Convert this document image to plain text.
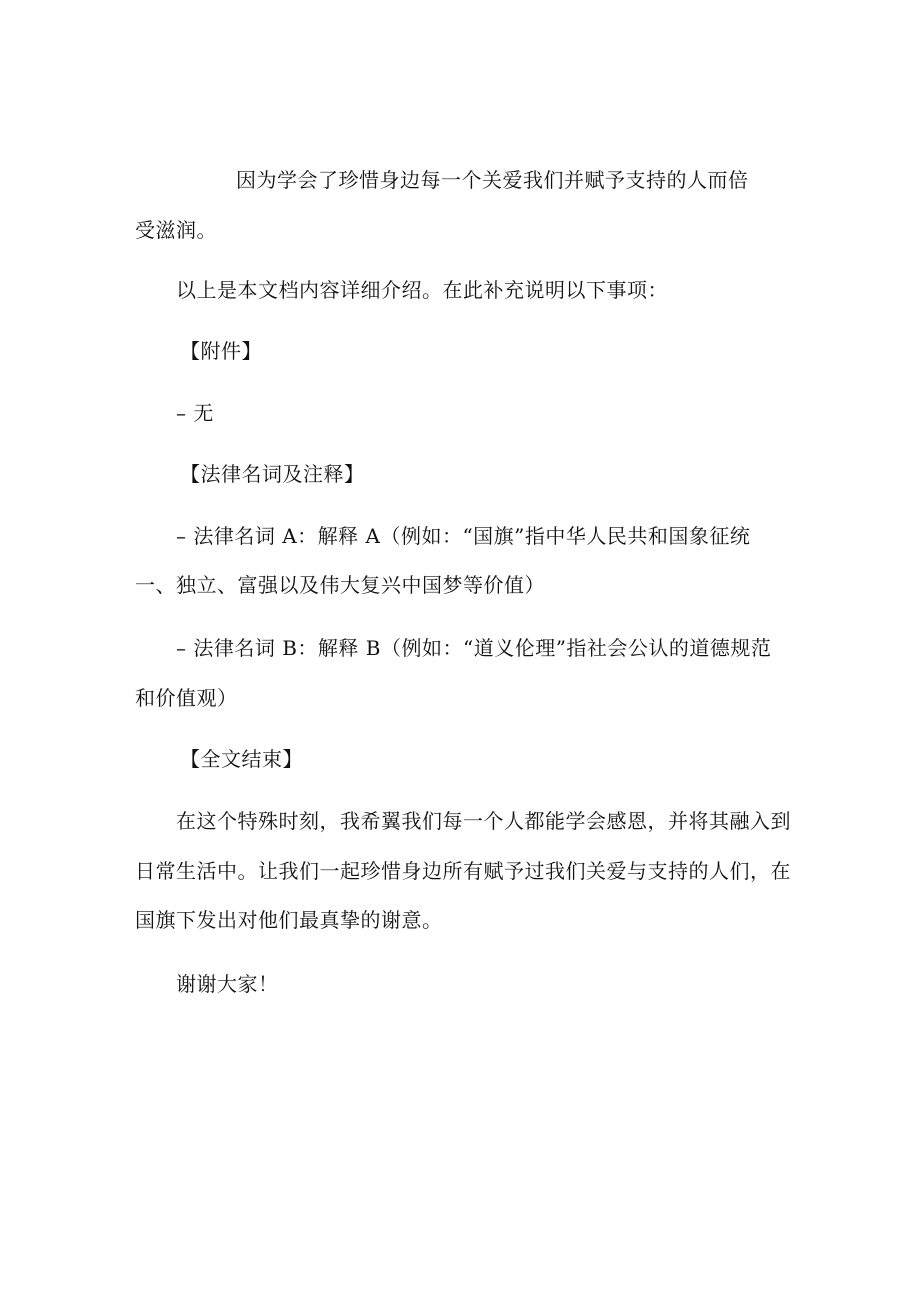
因为学会了珍惜身边每一个关爱我们并赋予支持的人而倍
受滋润。
以上是本文档内容详细介绍。在此补充说明以下事项：
【附件】
– 无
【法律名词及注释】
– 法律名词 A：解释 A（例如：“国旗”指中华人民共和国象征统
一、独立、富强以及伟大复兴中国梦等价值）
– 法律名词 B：解释 B（例如：“道义伦理”指社会公认的道德规范
和价值观）
【全文结束】
在这个特殊时刻，我希翼我们每一个人都能学会感恩，并将其融入到
日常生活中。让我们一起珍惜身边所有赋予过我们关爱与支持的人们，在
国旗下发出对他们最真挚的谢意。
谢谢大家！
